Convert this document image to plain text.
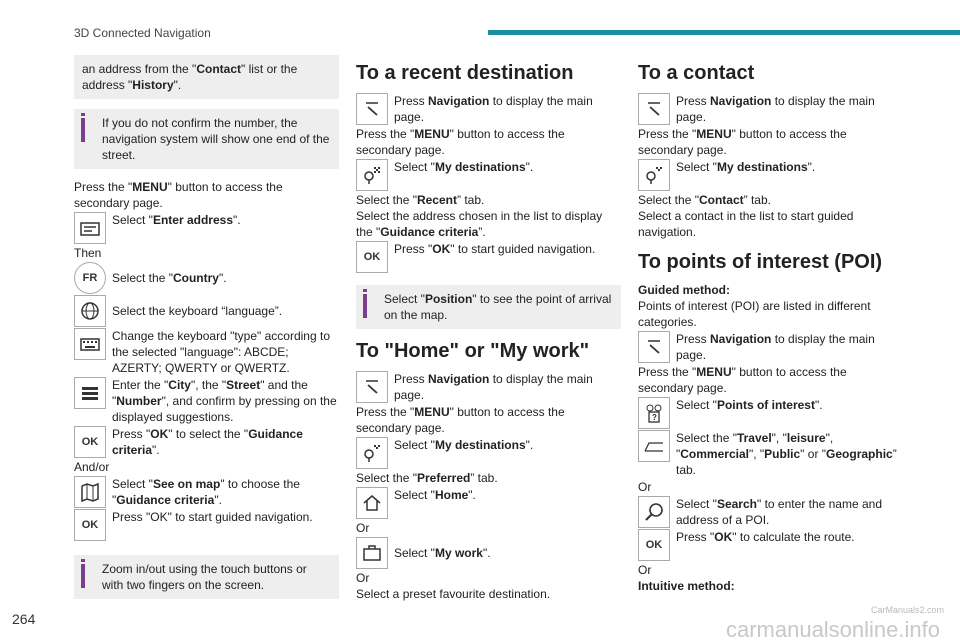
3D Connected Navigation

an address from the "Contact" list or the address "History".

If you do not confirm the number, the navigation system will show one end of the street.

Press the "MENU" button to access the secondary page.

Select "Enter address".

Then

FR	Select the "Country".

Select the keyboard “language”.

Change the keyboard "type" according to the selected "language": ABCDE; AZERTY; QWERTY or QWERTZ.

Enter the "City", the "Street" and the "Number", and confirm by pressing on the displayed suggestions.

OK

Press "OK" to select the "Guidance criteria".

And/or

Select "See on map" to choose the "Guidance criteria".

OK

Press "OK" to start guided navigation.

Zoom in/out using the touch buttons or with two fingers on the screen.

To a recent destination

Press Navigation to display the main page.

Press the "MENU" button to access the secondary page.

Select "My destinations".

Select the "Recent” tab.

Select the address chosen in the list to display the "Guidance criteria”.

OK

Press "OK" to start guided navigation.

Select "Position" to see the point of arrival on the map.

To "Home" or "My work"

Press Navigation to display the main page.

Press the "MENU" button to access the secondary page.

Select "My destinations".

Select the "Preferred” tab.

Select "Home".

Or

Select "My work".

Or

Select a preset favourite destination.

To a contact

Press Navigation to display the main page.

Press the "MENU" button to access the secondary page.

Select "My destinations".

Select the "Contact” tab.

Select a contact in the list to start guided navigation.

To points of interest (POI)

Guided method:

Points of interest (POI) are listed in different categories.

Press Navigation to display the main page.

Press the "MENU" button to access the secondary page.

?

Select "Points of interest".

Select the "Travel", "leisure", "Commercial", "Public" or "Geographic” tab.

Or

Select "Search" to enter the name and address of a POI.

OK

Press "OK" to calculate the route.

Or

Intuitive method:

264
CarManuals2.com
carmanualsonline.info
